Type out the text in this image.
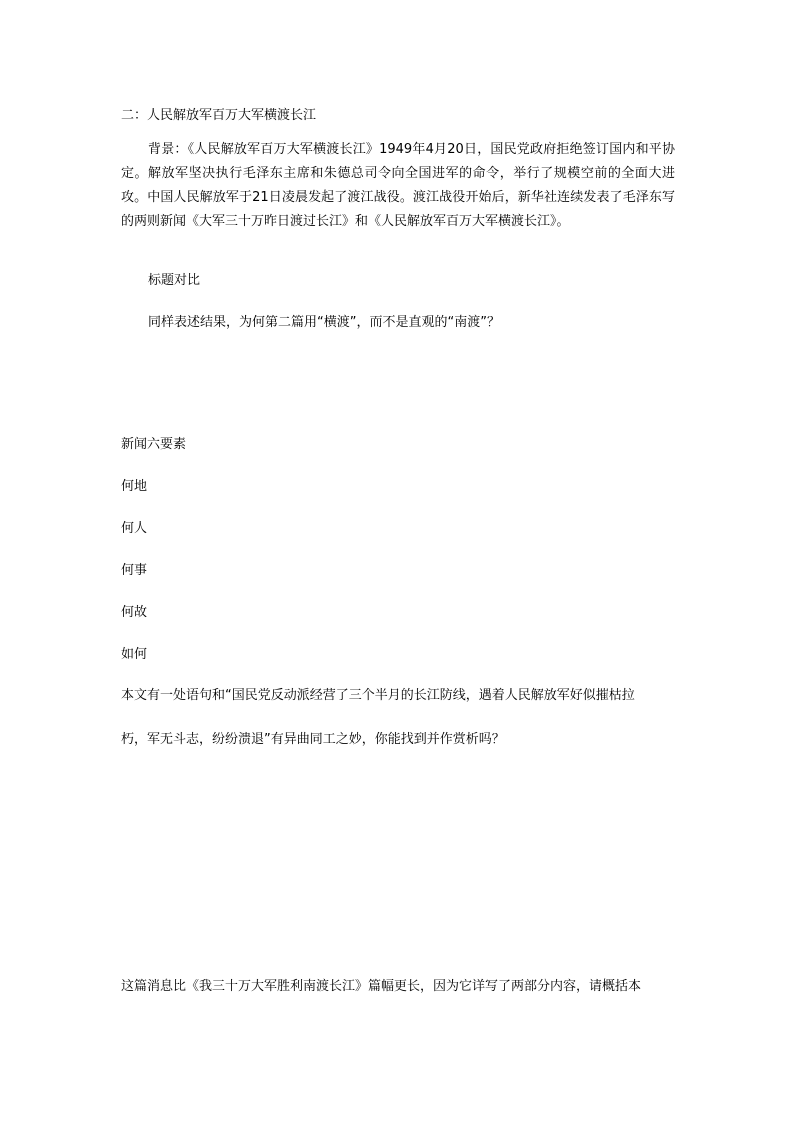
二：人民解放军百万大军横渡长江

背景：《人民解放军百万大军横渡长江》1949年4月20日，国民党政府拒绝签订国内和平协定。解放军坚决执行毛泽东主席和朱德总司令向全国进军的命令，举行了规模空前的全面大进攻。中国人民解放军于21日凌晨发起了渡江战役。渡江战役开始后，新华社连续发表了毛泽东写的两则新闻《大军三十万昨日渡过长江》和《人民解放军百万大军横渡长江》。

标题对比
同样表述结果，为何第二篇用“横渡”，而不是直观的“南渡”？
新闻六要素
何地
何人
何事
何故
如何
本文有一处语句和“国民党反动派经营了三个半月的长江防线，遇着人民解放军好似摧枯拉
朽，军无斗志，纷纷溃退”有异曲同工之妙，你能找到并作赏析吗？
这篇消息比《我三十万大军胜利南渡长江》篇幅更长，因为它详写了两部分内容，请概括本
